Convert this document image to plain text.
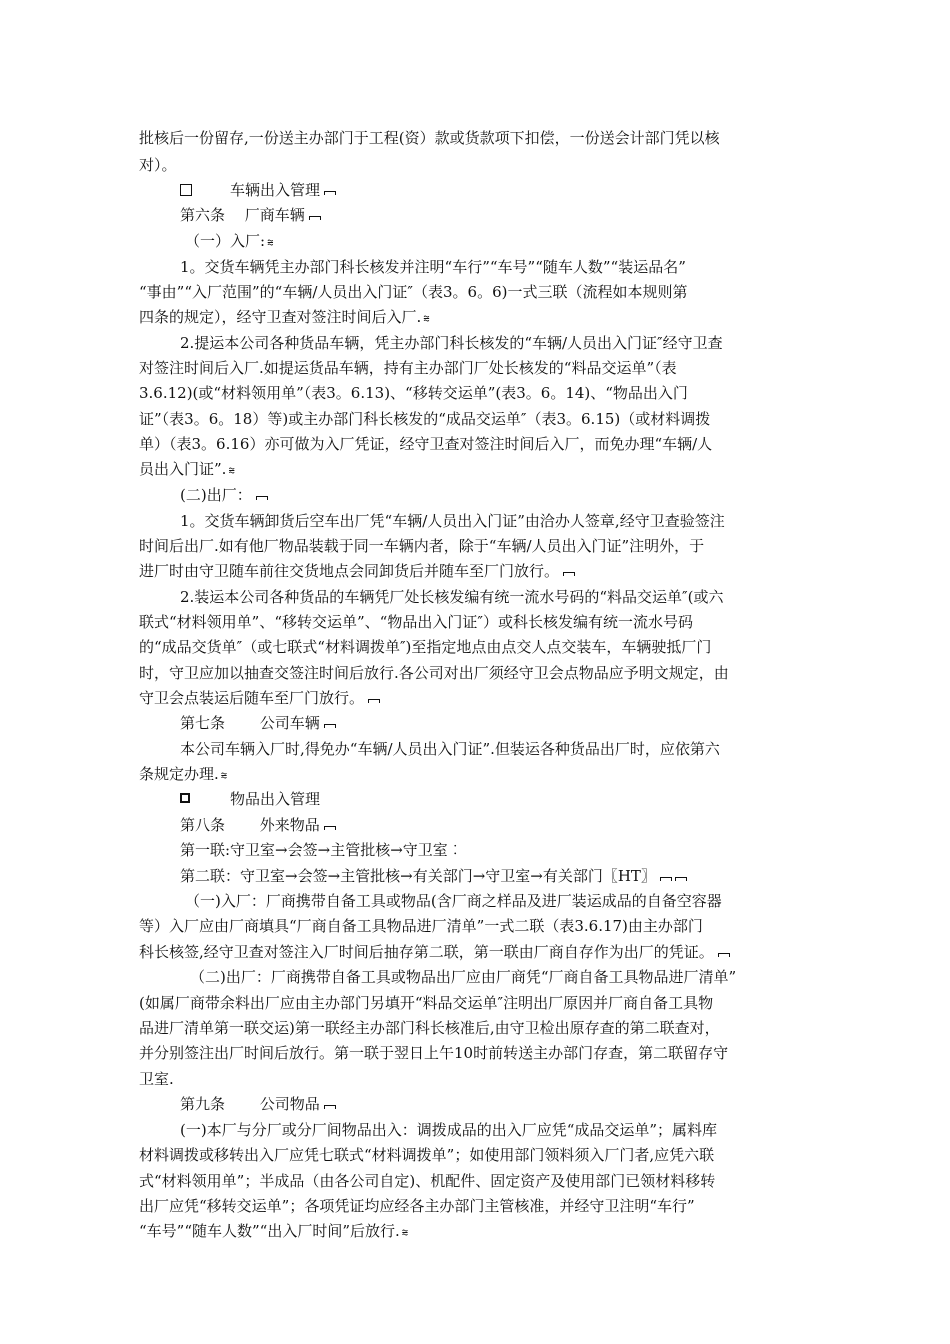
批核后一份留存,一份送主办部门于工程(资）款或货款项下扣偿，一份送会计部门凭以核
对）。
车辆出入管理
第六条　 厂商车辆
（一）入厂: ⩬
1。交货车辆凭主办部门科长核发并注明“车行”“车号”“随车人数”“装运品名”
“事由”“入厂范围”的“车辆/人员出入门证″（表3。6。6)一式三联（流程如本规则第
四条的规定），经守卫查对签注时间后入厂. ⩬
2.提运本公司各种货品车辆，凭主办部门科长核发的“车辆/人员出入门证″经守卫查
对签注时间后入厂.如提运货品车辆，持有主办部门厂处长核发的“料品交运单”（表
3.6.12)(或“材料领用单”（表3。6.13)、“移转交运单”(表3。6。14)、“物品出入门
证”（表3。6。18）等)或主办部门科长核发的“成品交运单″（表3。6.15)（或材料调拨
单）（表3。6.16）亦可做为入厂凭证，经守卫查对签注时间后入厂，而免办理“车辆/人
员出入门证”. ⩬
(二)出厂：
1。交货车辆卸货后空车出厂凭“车辆/人员出入门证”由洽办人签章,经守卫查验签注
时间后出厂.如有他厂物品装载于同一车辆内者，除于“车辆/人员出入门证”注明外，于
进厂时由守卫随车前往交货地点会同卸货后并随车至厂门放行。
2.装运本公司各种货品的车辆凭厂处长核发编有统一流水号码的“料品交运单″(或六
联式“材料领用单”、“移转交运单”、“物品出入门证″）或科长核发编有统一流水号码
的“成品交货单″（或七联式“材料调拨单″)至指定地点由点交人点交装车，车辆驶抵厂门
时，守卫应加以抽查交签注时间后放行.各公司对出厂须经守卫会点物品应予明文规定，由
守卫会点装运后随车至厂门放行。
第七条 　　公司车辆
本公司车辆入厂时,得免办“车辆/人员出入门证”.但装运各种货品出厂时，应依第六
条规定办理. ⩬
物品出入管理
第八条 　　外来物品
第一联:守卫室→会签→主管批核→守卫室︰
第二联：守卫室→会签→主管批核→有关部门→守卫室→有关部门〖HT〗
（一)入厂：厂商携带自备工具或物品(含厂商之样品及进厂装运成品的自备空容器
等）入厂应由厂商填具“厂商自备工具物品进厂清单”一式二联（表3.6.17)由主办部门
科长核签,经守卫查对签注入厂时间后抽存第二联，第一联由厂商自存作为出厂的凭证。
（二)出厂：厂商携带自备工具或物品出厂应由厂商凭“厂商自备工具物品进厂清单”
(如属厂商带余料出厂应由主办部门另填开“料品交运单″注明出厂原因并厂商自备工具物
品进厂清单第一联交运)第一联经主办部门科长核准后,由守卫检出原存查的第二联查对，
并分别签注出厂时间后放行。第一联于翌日上午10时前转送主办部门存查，第二联留存守
卫室.
第九条 　　公司物品
(一)本厂与分厂或分厂间物品出入：调拨成品的出入厂应凭“成品交运单”；属料库
材料调拨或移转出入厂应凭七联式“材料调拨单”；如使用部门领料须入厂门者,应凭六联
式“材料领用单”；半成品（由各公司自定)、机配件、固定资产及使用部门已领材料移转
出厂应凭“移转交运单”；各项凭证均应经各主办部门主管核准，并经守卫注明“车行”
“车号”“随车人数”“出入厂时间”后放行. ⩬
